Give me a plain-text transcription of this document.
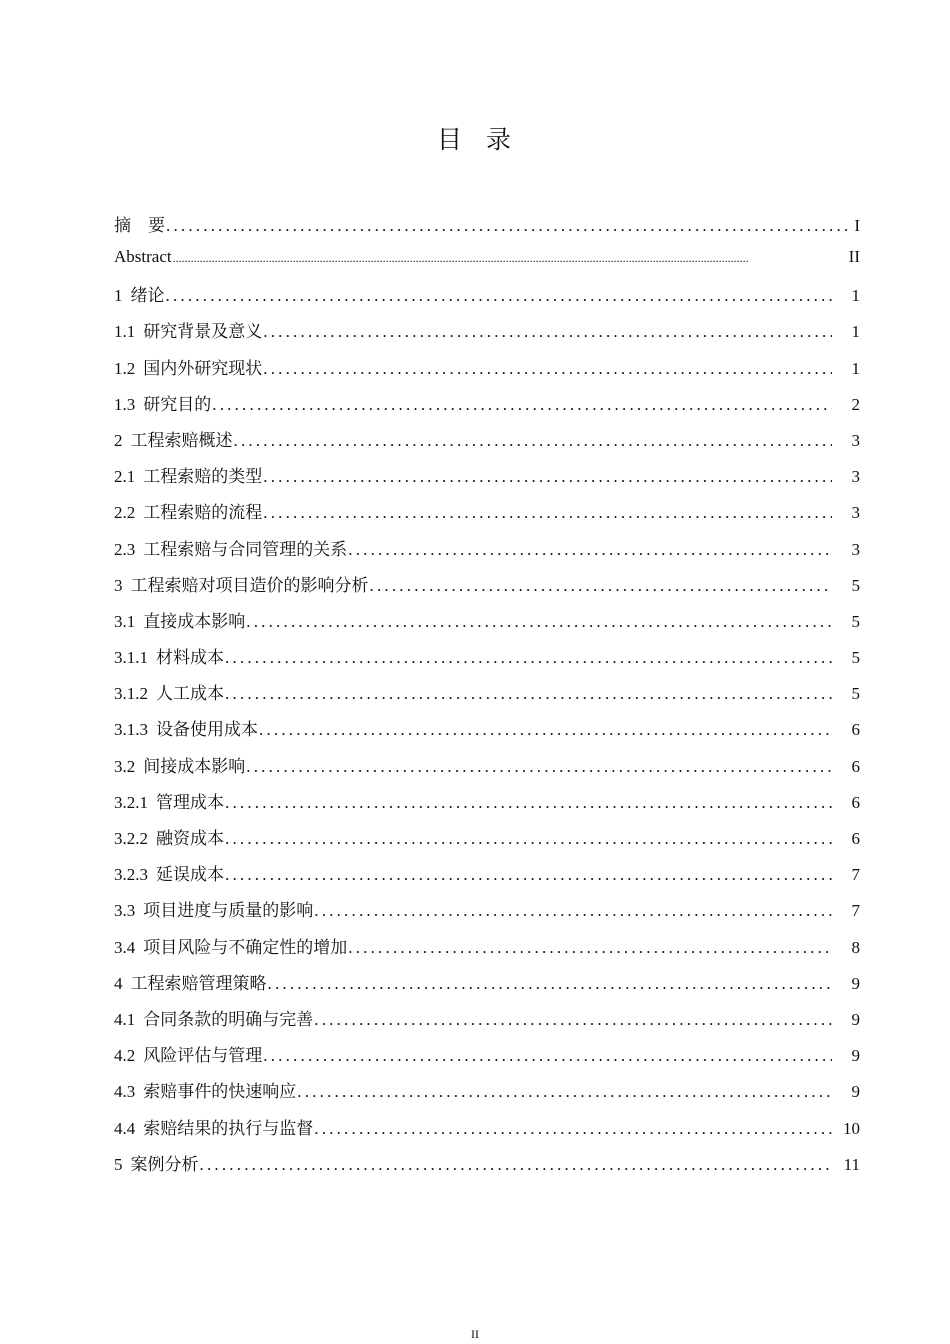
目 录
摘　要 .....	I
Abstract .....	II
1 绪论 .....	1
1.1 研究背景及意义 .....	1
1.2 国内外研究现状 .....	1
1.3 研究目的 .....	2
2 工程索赔概述 .....	3
2.1 工程索赔的类型 .....	3
2.2 工程索赔的流程 .....	3
2.3 工程索赔与合同管理的关系 .....	3
3 工程索赔对项目造价的影响分析 .....	5
3.1 直接成本影响 .....	5
3.1.1 材料成本 .....	5
3.1.2 人工成本 .....	5
3.1.3 设备使用成本 .....	6
3.2 间接成本影响 .....	6
3.2.1 管理成本 .....	6
3.2.2 融资成本 .....	6
3.2.3 延误成本 .....	7
3.3 项目进度与质量的影响 .....	7
3.4 项目风险与不确定性的增加 .....	8
4 工程索赔管理策略 .....	9
4.1 合同条款的明确与完善 .....	9
4.2 风险评估与管理 .....	9
4.3 索赔事件的快速响应 .....	9
4.4 索赔结果的执行与监督 .....	10
5 案例分析 .....	11
II
